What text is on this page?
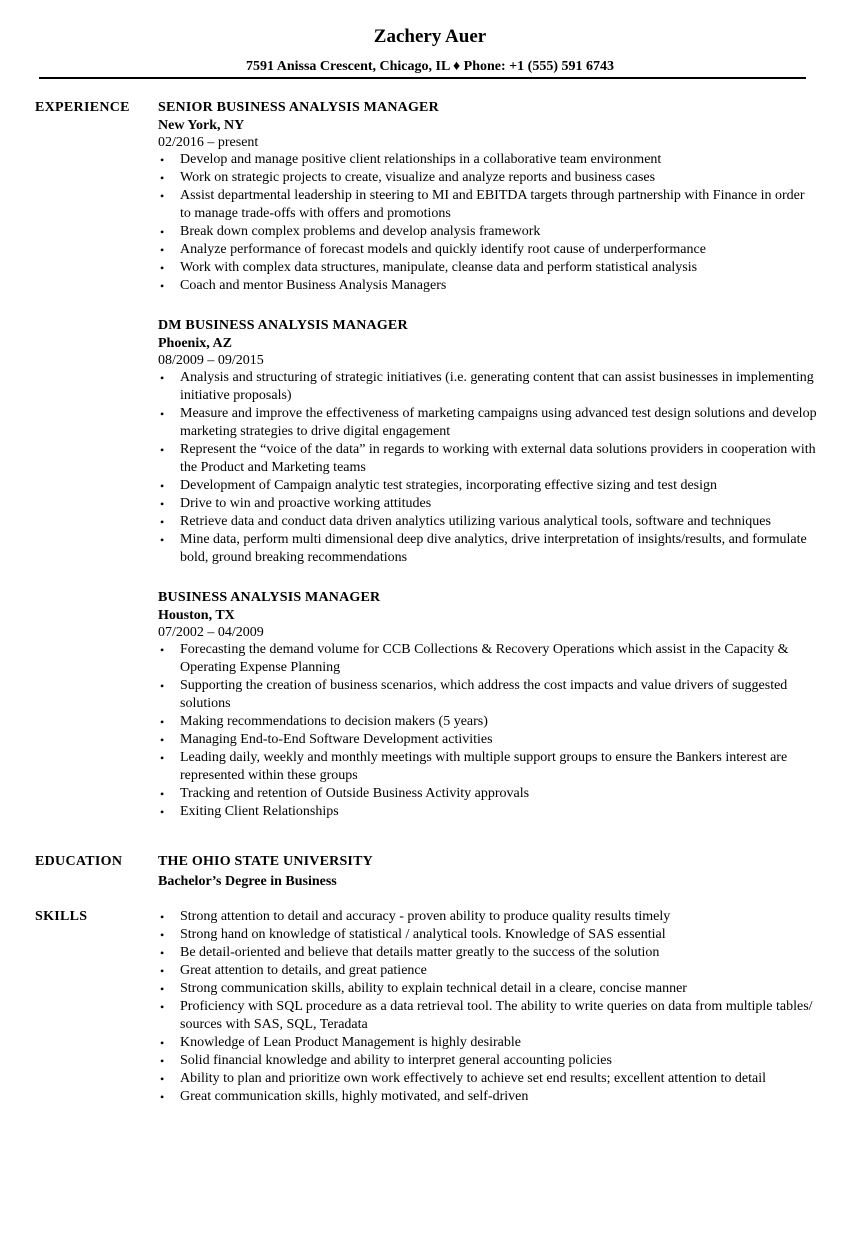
Zachery Auer
7591 Anissa Crescent, Chicago, IL ♦ Phone: +1 (555) 591 6743
EXPERIENCE SENIOR BUSINESS ANALYSIS MANAGER
New York, NY
02/2016 – present
• Develop and manage positive client relationships in a collaborative team environment
• Work on strategic projects to create, visualize and analyze reports and business cases
• Assist departmental leadership in steering to MI and EBITDA targets through partnership with Finance in order to manage trade-offs with offers and promotions
• Break down complex problems and develop analysis framework
• Analyze performance of forecast models and quickly identify root cause of underperformance
• Work with complex data structures, manipulate, cleanse data and perform statistical analysis
• Coach and mentor Business Analysis Managers
DM BUSINESS ANALYSIS MANAGER
Phoenix, AZ
08/2009 – 09/2015
• Analysis and structuring of strategic initiatives (i.e. generating content that can assist businesses in implementing initiative proposals)
• Measure and improve the effectiveness of marketing campaigns using advanced test design solutions and develop marketing strategies to drive digital engagement
• Represent the “voice of the data” in regards to working with external data solutions providers in cooperation with the Product and Marketing teams
• Development of Campaign analytic test strategies, incorporating effective sizing and test design
• Drive to win and proactive working attitudes
• Retrieve data and conduct data driven analytics utilizing various analytical tools, software and techniques
• Mine data, perform multi dimensional deep dive analytics, drive interpretation of insights/results, and formulate bold, ground breaking recommendations
BUSINESS ANALYSIS MANAGER
Houston, TX
07/2002 – 04/2009
• Forecasting the demand volume for CCB Collections & Recovery Operations which assist in the Capacity & Operating Expense Planning
• Supporting the creation of business scenarios, which address the cost impacts and value drivers of suggested solutions
• Making recommendations to decision makers (5 years)
• Managing End-to-End Software Development activities
• Leading daily, weekly and monthly meetings with multiple support groups to ensure the Bankers interest are represented within these groups
• Tracking and retention of Outside Business Activity approvals
• Exiting Client Relationships
EDUCATION	THE OHIO STATE UNIVERSITY
Bachelor’s Degree in Business
SKILLS	• Strong attention to detail and accuracy - proven ability to produce quality results timely
• Strong hand on knowledge of statistical / analytical tools. Knowledge of SAS essential
• Be detail-oriented and believe that details matter greatly to the success of the solution
• Great attention to details, and great patience
• Strong communication skills, ability to explain technical detail in a cleare, concise manner
• Proficiency with SQL procedure as a data retrieval tool. The ability to write queries on data from multiple tables/ sources with SAS, SQL, Teradata
• Knowledge of Lean Product Management is highly desirable
• Solid financial knowledge and ability to interpret general accounting policies
• Ability to plan and prioritize own work effectively to achieve set end results; excellent attention to detail
• Great communication skills, highly motivated, and self-driven
